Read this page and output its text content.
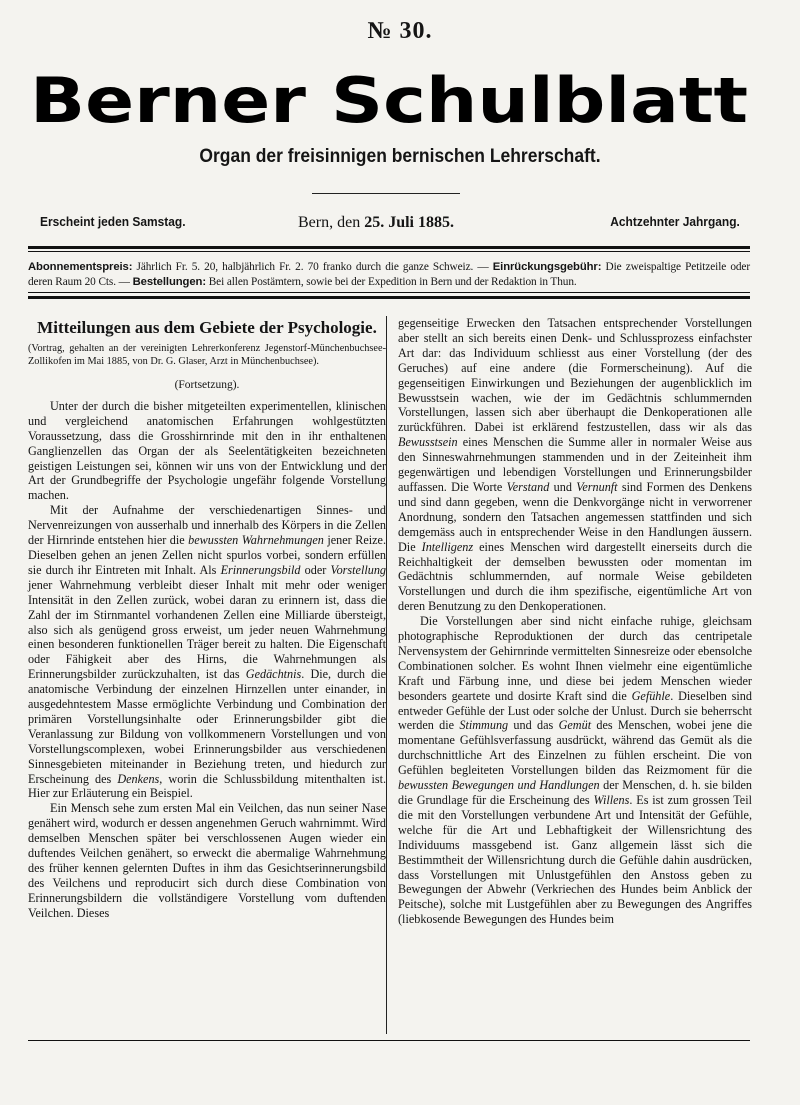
№ 30.
Berner Schulblatt
Organ der freisinnigen bernischen Lehrerschaft.
Erscheint jeden Samstag.	Bern, den 25. Juli 1885.	Achtzehnter Jahrgang.
Abonnementspreis: Jährlich Fr. 5. 20, halbjährlich Fr. 2. 70 franko durch die ganze Schweiz. — Einrückungsgebühr: Die zweispaltige Petitzeile oder deren Raum 20 Cts. — Bestellungen: Bei allen Postämtern, sowie bei der Expedition in Bern und der Redaktion in Thun.
Mitteilungen aus dem Gebiete der Psychologie.
(Vortrag, gehalten an der vereinigten Lehrerkonferenz Jegenstorf-Münchenbuchsee-Zollikofen im Mai 1885, von Dr. G. Glaser, Arzt in Münchenbuchsee).
(Fortsetzung).

Unter der durch die bisher mitgeteilten experimentellen, klinischen und vergleichend anatomischen Erfahrungen wohlgestützten Voraussetzung, dass die Grosshirnrinde mit den in ihr enthaltenen Ganglienzellen das Organ der als Seelentätigkeiten bezeichneten geistigen Leistungen sei, können wir uns von der Entwicklung und der Art der Grundbegriffe der Psychologie ungefähr folgende Vorstellung machen.

Mit der Aufnahme der verschiedenartigen Sinnes- und Nervenreizungen von ausserhalb und innerhalb des Körpers in die Zellen der Hirnrinde entstehen hier die bewussten Wahrnehmungen jener Reize. Dieselben gehen an jenen Zellen nicht spurlos vorbei, sondern erfüllen sie durch ihr Eintreten mit Inhalt. Als Erinnerungsbild oder Vorstellung jener Wahrnehmung verbleibt dieser Inhalt mit mehr oder weniger Intensität in den Zellen zurück, wobei daran zu erinnern ist, dass die Zahl der im Stirnmantel vorhandenen Zellen eine Milliarde übersteigt, also sich als genügend gross erweist, um jeder neuen Wahrnehmung einen besonderen funktionellen Träger bereit zu halten. Die Eigenschaft oder Fähigkeit aber des Hirns, die Wahrnehmungen als Erinnerungsbilder zurückzuhalten, ist das Gedächtnis. Die, durch die anatomische Verbindung der einzelnen Hirnzellen unter einander, in ausgedehntestem Masse ermöglichte Verbindung und Combination der primären Vorstellungsinhalte oder Erinnerungsbilder gibt die Veranlassung zur Bildung von vollkommenern Vorstellungen und von Vorstellungscomplexen, wobei Erinnerungsbilder aus verschiedenen Sinnesgebieten miteinander in Beziehung treten, und hiedurch zur Erscheinung des Denkens, worin die Schlussbildung mitenthalten ist. Hier zur Erläuterung ein Beispiel.

Ein Mensch sehe zum ersten Mal ein Veilchen, das nun seiner Nase genähert wird, wodurch er dessen angenehmen Geruch wahrnimmt. Wird demselben Menschen später bei verschlossenen Augen wieder ein duftendes Veilchen genähert, so erweckt die abermalige Wahrnehmung des früher kennen gelernten Duftes in ihm das Gesichtserinnerungsbild des Veilchens und reproducirt sich durch diese Combination von Erinnerungsbildern die vollständigere Vorstellung vom duftenden Veilchen. Dieses

gegenseitige Erwecken den Tatsachen entsprechender Vorstellungen aber stellt an sich bereits einen Denk- und Schlussprozess einfachster Art dar: das Individuum schliesst aus einer Vorstellung (der des Geruches) auf eine andere (die Formerscheinung). Auf die gegenseitigen Einwirkungen und Beziehungen der augenblicklich im Bewusstsein wachen, wie der im Gedächtnis schlummernden Vorstellungen, lassen sich aber überhaupt die Denkoperationen alle zurückführen. Dabei ist erklärend festzustellen, dass wir als das Bewusstsein eines Menschen die Summe aller in normaler Weise aus den Sinneswahrnehmungen stammenden und in der Zeiteinheit ihm gegenwärtigen und lebendigen Vorstellungen und Erinnerungsbilder auffassen. Die Worte Verstand und Vernunft sind Formen des Denkens und sind dann gegeben, wenn die Denkvorgänge nicht in verworrener Anordnung, sondern den Tatsachen angemessen stattfinden und sich demgemäss auch in entsprechender Weise in den Handlungen äussern. Die Intelligenz eines Menschen wird dargestellt einerseits durch die Reichhaltigkeit der demselben bewussten oder momentan im Gedächtnis schlummernden, auf normale Weise gebildeten Vorstellungen und durch die ihm spezifische, eigentümliche Art von deren Benutzung zu den Denkoperationen.

Die Vorstellungen aber sind nicht einfache ruhige, gleichsam photographische Reproduktionen der durch das centripetale Nervensystem der Gehirnrinde vermittelten Sinnesreize oder ebensolche Combinationen solcher. Es wohnt Ihnen vielmehr eine eigentümliche Kraft und Färbung inne, und diese bei jedem Menschen wieder besonders geartete und dosirte Kraft sind die Gefühle. Dieselben sind entweder Gefühle der Lust oder solche der Unlust. Durch sie beherrscht werden die Stimmung und das Gemüt des Menschen, wobei jene die momentane Gefühlsverfassung ausdrückt, während das Gemüt als die durchschnittliche Art des Einzelnen zu fühlen erscheint. Die von Gefühlen begleiteten Vorstellungen bilden das Reizmoment für die bewussten Bewegungen und Handlungen der Menschen, d. h. sie bilden die Grundlage für die Erscheinung des Willens. Es ist zum grossen Teil die mit den Vorstellungen verbundene Art und Intensität der Gefühle, welche für die Art und Lebhaftigkeit der Willensrichtung des Individuums massgebend ist. Ganz allgemein lässt sich die Bestimmtheit der Willensrichtung durch die Gefühle dahin ausdrücken, dass Vorstellungen mit Unlustgefühlen den Anstoss geben zu Bewegungen der Abwehr (Verkriechen des Hundes beim Anblick der Peitsche), solche mit Lustgefühlen aber zu Bewegungen des Angriffes (liebkosende Bewegungen des Hundes beim
